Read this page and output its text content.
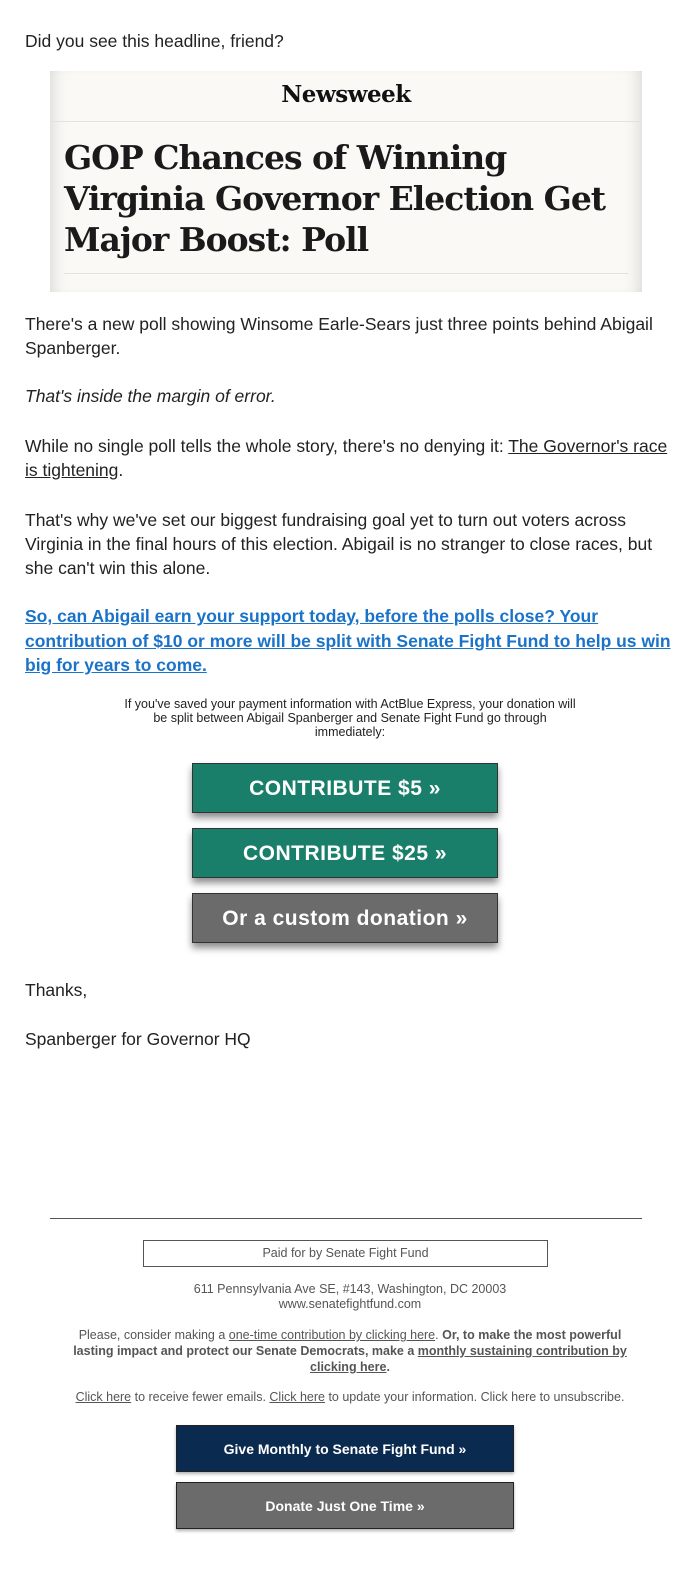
Did you see this headline, friend?

Newsweek

GOP Chances of Winning Virginia Governor Election Get Major Boost: Poll

There's a new poll showing Winsome Earle-Sears just three points behind Abigail Spanberger.

That's inside the margin of error.

While no single poll tells the whole story, there's no denying it: The Governor's race is tightening.

That's why we've set our biggest fundraising goal yet to turn out voters across Virginia in the final hours of this election. Abigail is no stranger to close races, but she can't win this alone.

So, can Abigail earn your support today, before the polls close? Your contribution of $10 or more will be split with Senate Fight Fund to help us win big for years to come.

If you've saved your payment information with ActBlue Express, your donation will be split between Abigail Spanberger and Senate Fight Fund go through immediately:

CONTRIBUTE $5 »
CONTRIBUTE $25 »
Or a custom donation »

Thanks,

Spanberger for Governor HQ

Paid for by Senate Fight Fund

611 Pennsylvania Ave SE, #143, Washington, DC 20003
www.senatefightfund.com

Please, consider making a one-time contribution by clicking here. Or, to make the most powerful lasting impact and protect our Senate Democrats, make a monthly sustaining contribution by clicking here.

Click here to receive fewer emails. Click here to update your information. Click here to unsubscribe.

Give Monthly to Senate Fight Fund »
Donate Just One Time »
